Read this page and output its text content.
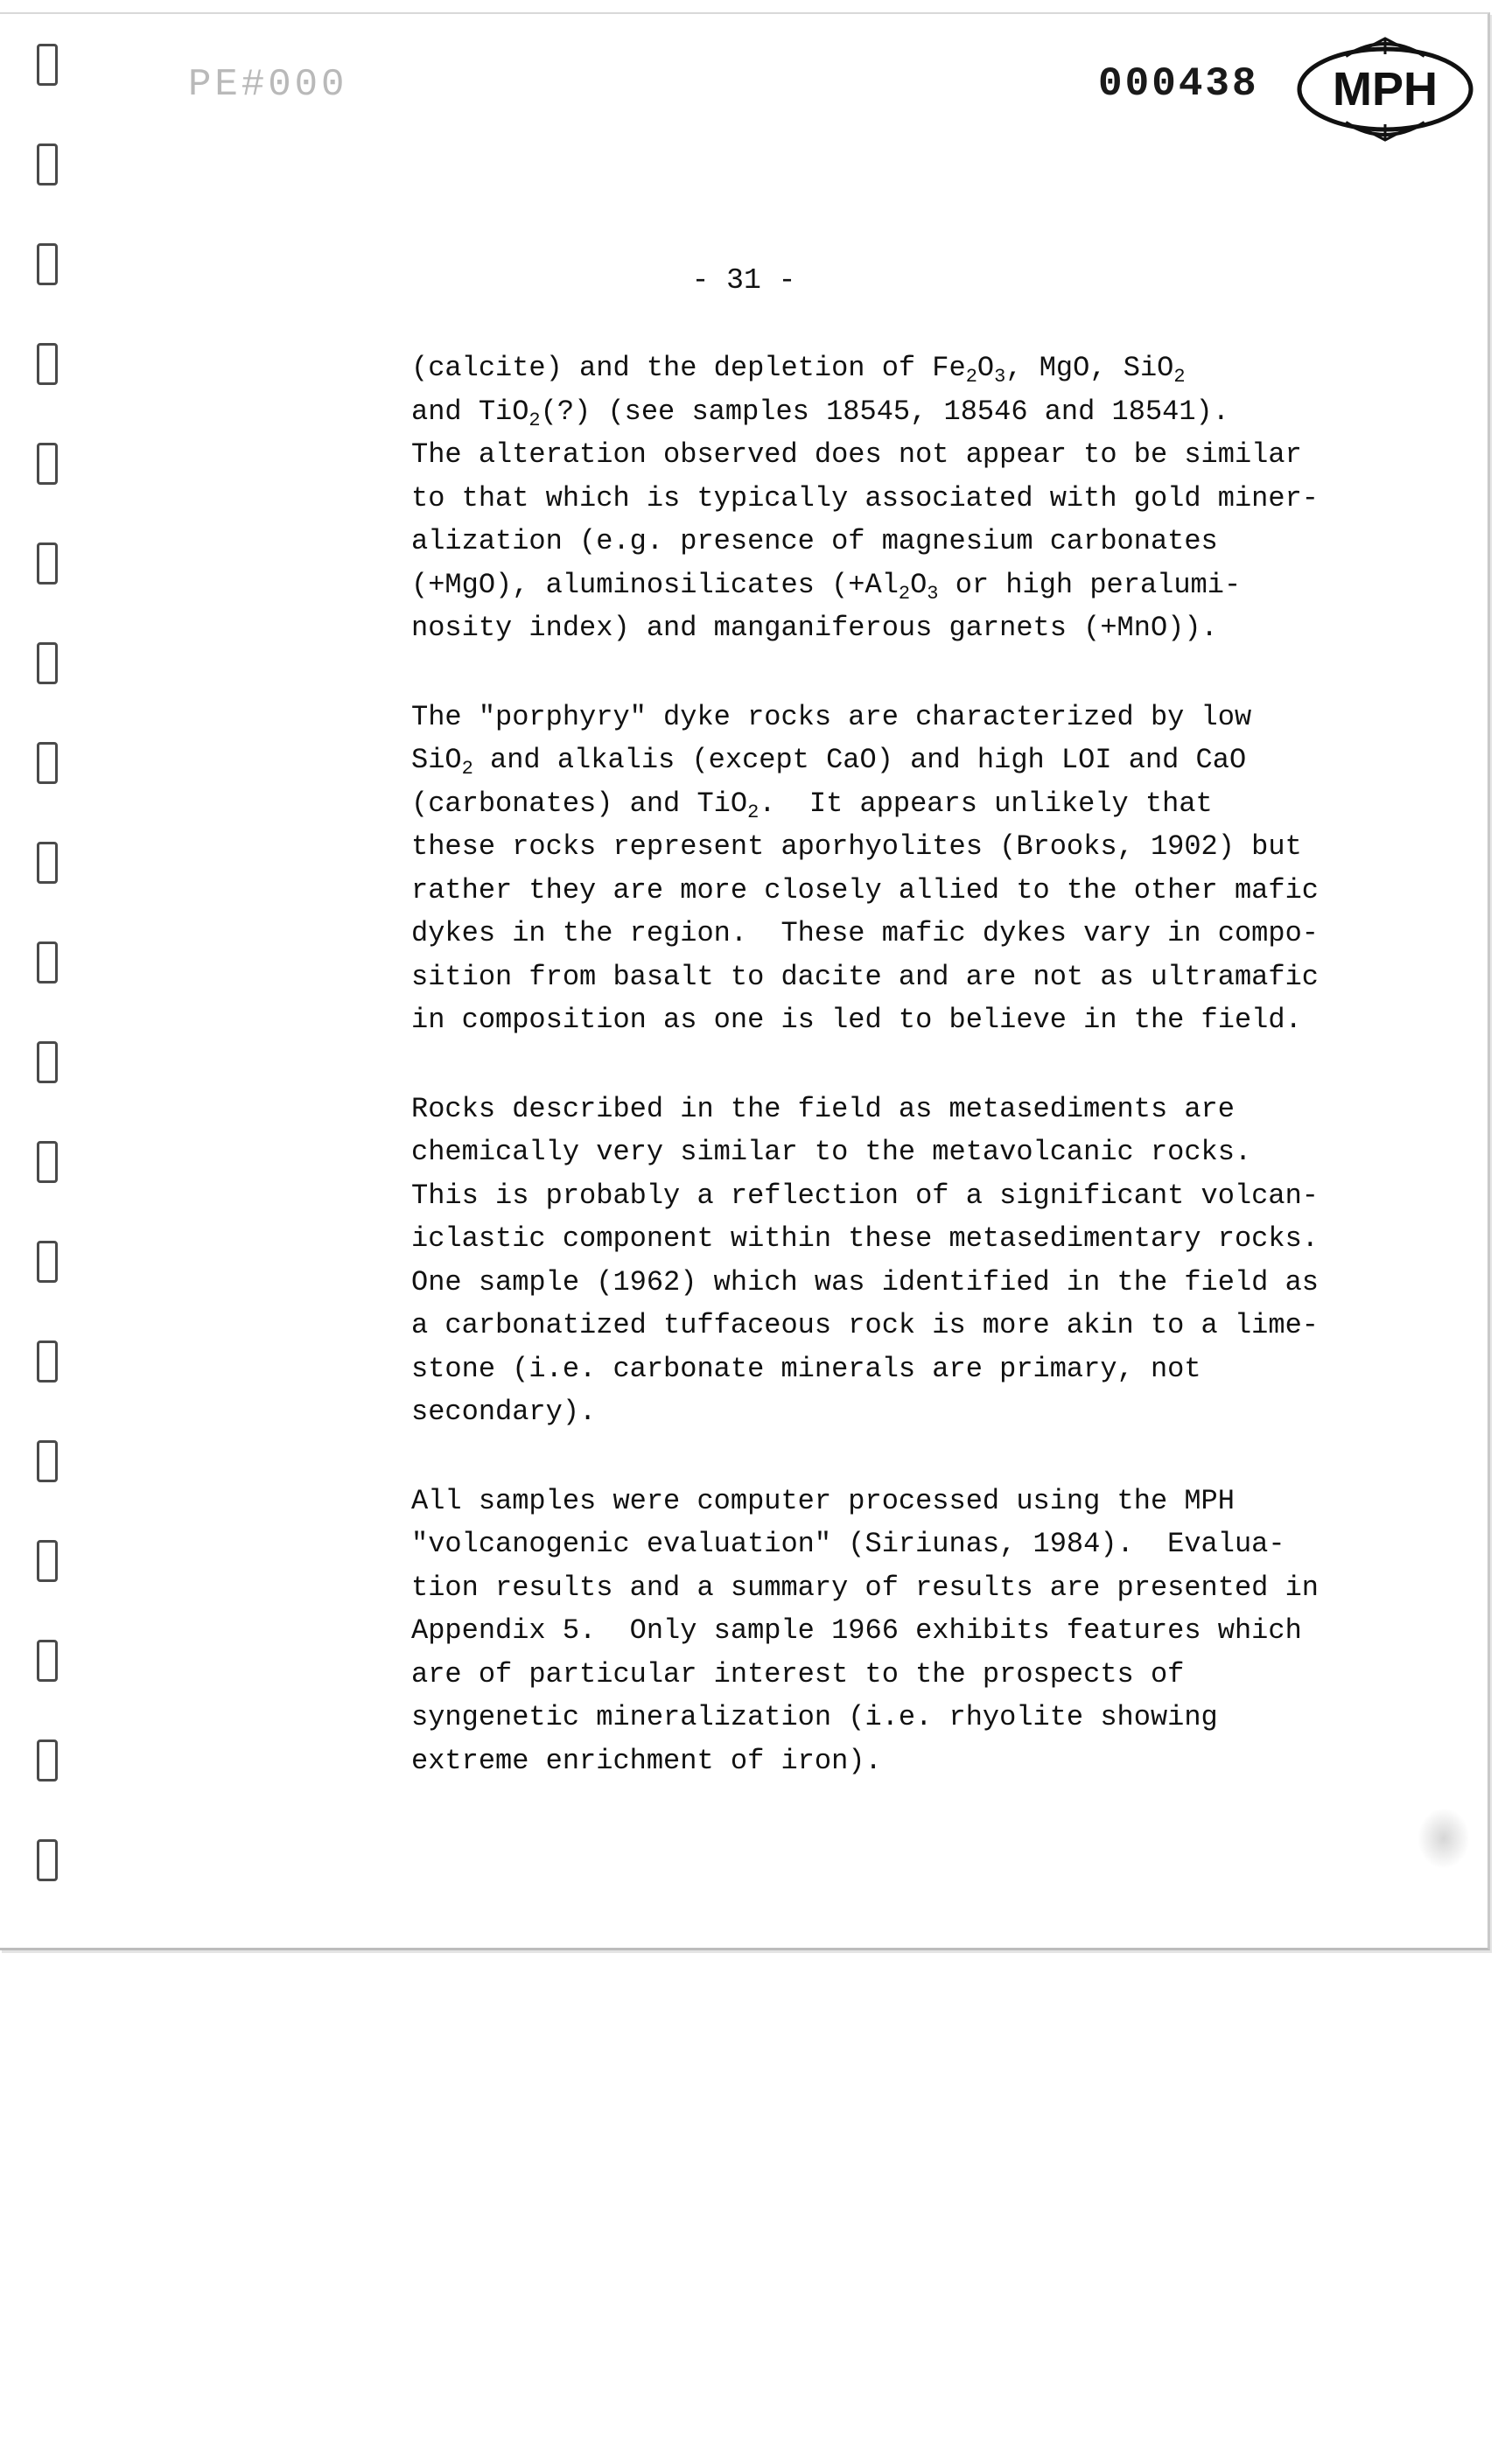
PE#000	000438 MPH
- 31 -
(calcite) and the depletion of $Fe_2O_3$, MgO, SiO$_2$
and TiO$_2$(?) (see samples 18545, 18546 and 18541).
The alteration observed does not appear to be similar
to that which is typically associated with gold miner-
alization (e.g. presence of magnesium carbonates
(+MgO), aluminosilicates ($+Al_2O_3$ or high peralumi-
nosity index) and manganiferous garnets (+MnO)).
The "porphyry" dyke rocks are characterized by low
SiO$_2$ and alkalis (except CaO) and high LOI and CaO
(carbonates) and TiO$_2$.  It appears unlikely that
these rocks represent aporhyolites (Brooks, 1902) but
rather they are more closely allied to the other mafic
dykes in the region.  These mafic dykes vary in compo-
sition from basalt to dacite and are not as ultramafic
in composition as one is led to believe in the field.
Rocks described in the field as metasediments are
chemically very similar to the metavolcanic rocks.
This is probably a reflection of a significant volcan-
iclastic component within these metasedimentary rocks.
One sample (1962) which was identified in the field as
a carbonatized tuffaceous rock is more akin to a lime-
stone (i.e. carbonate minerals are primary, not
secondary).
All samples were computer processed using the MPH
"volcanogenic evaluation" (Siriunas, 1984).  Evalua-
tion results and a summary of results are presented in
Appendix 5.  Only sample 1966 exhibits features which
are of particular interest to the prospects of
syngenetic mineralization (i.e. rhyolite showing
extreme enrichment of iron).
